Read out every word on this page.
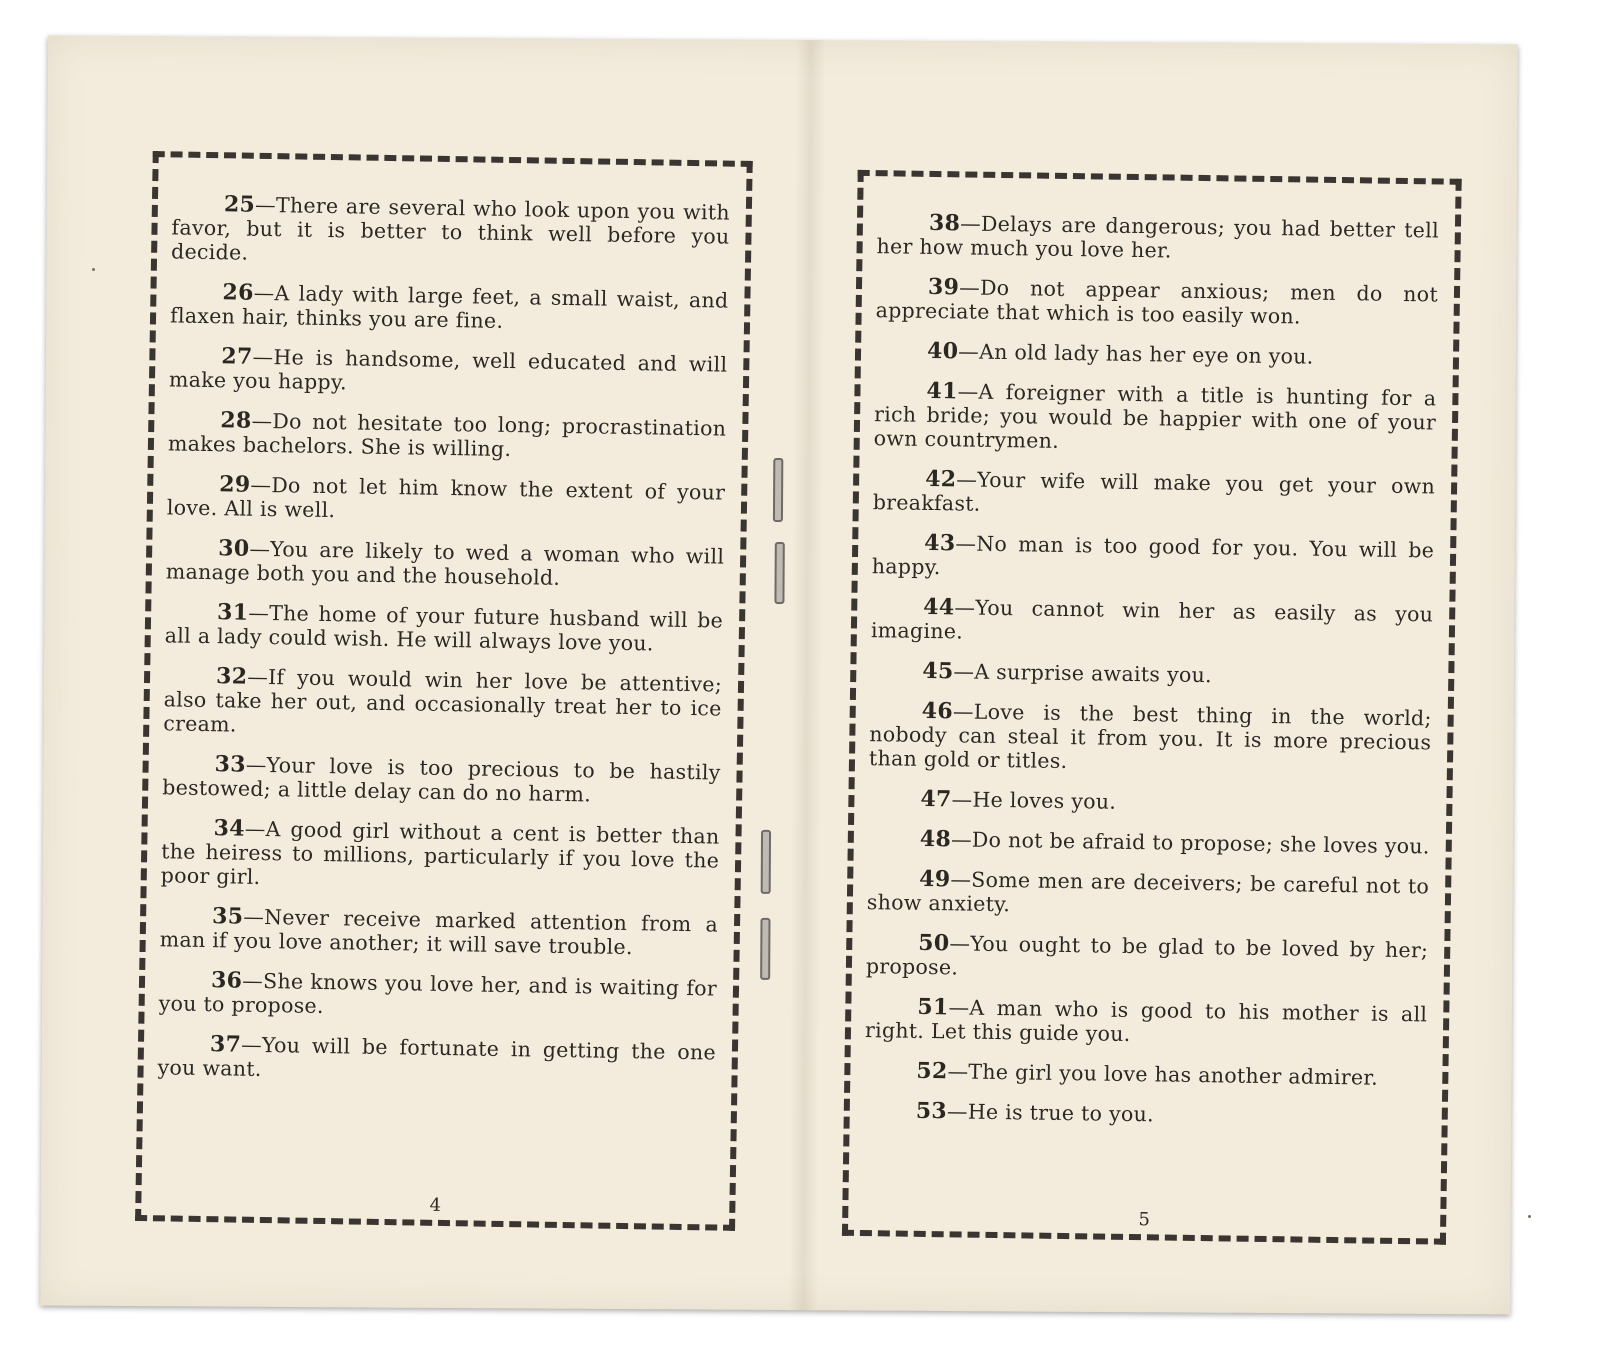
25—There are several who look upon you with favor, but it is better to think well before you decide.

26—A lady with large feet, a small waist, and flaxen hair, thinks you are fine.

27—He is handsome, well educated and will make you happy.

28—Do not hesitate too long; procrastination makes bachelors. She is willing.

29—Do not let him know the extent of your love. All is well.

30—You are likely to wed a woman who will manage both you and the household.

31—The home of your future husband will be all a lady could wish. He will always love you.

32—If you would win her love be attentive; also take her out, and occasionally treat her to ice cream.

33—Your love is too precious to be hastily bestowed; a little delay can do no harm.

34—A good girl without a cent is better than the heiress to millions, particularly if you love the poor girl.

35—Never receive marked attention from a man if you love another; it will save trouble.

36—She knows you love her, and is waiting for you to propose.

37—You will be fortunate in getting the one you want.

4

38—Delays are dangerous; you had better tell her how much you love her.

39—Do not appear anxious; men do not appreciate that which is too easily won.

40—An old lady has her eye on you.

41—A foreigner with a title is hunting for a rich bride; you would be happier with one of your own countrymen.

42—Your wife will make you get your own breakfast.

43—No man is too good for you. You will be happy.

44—You cannot win her as easily as you imagine.

45—A surprise awaits you.

46—Love is the best thing in the world; nobody can steal it from you. It is more precious than gold or titles.

47—He loves you.

48—Do not be afraid to propose; she loves you.

49—Some men are deceivers; be careful not to show anxiety.

50—You ought to be glad to be loved by her; propose.

51—A man who is good to his mother is all right. Let this guide you.

52—The girl you love has another admirer.

53—He is true to you.

5
